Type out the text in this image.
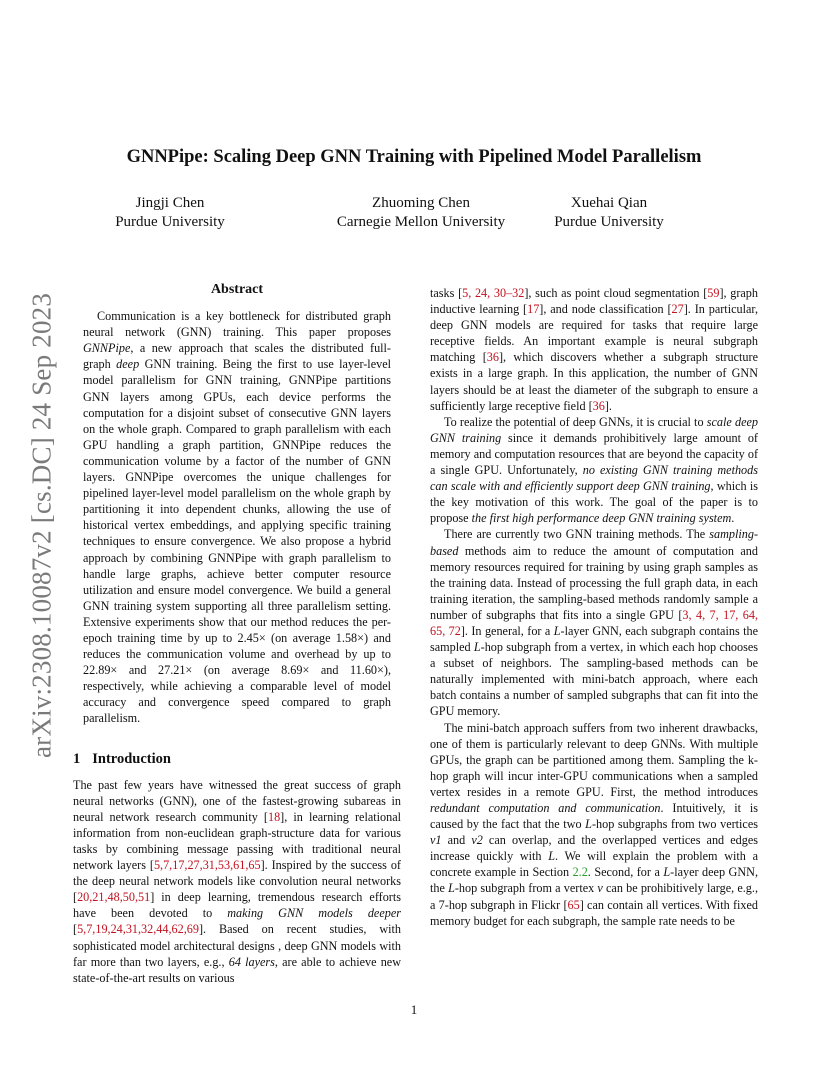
arXiv:2308.10087v2 [cs.DC] 24 Sep 2023
GNNPipe: Scaling Deep GNN Training with Pipelined Model Parallelism
Jingji Chen
Purdue University
Zhuoming Chen
Carnegie Mellon University
Xuehai Qian
Purdue University
Abstract

Communication is a key bottleneck for distributed graph neural network (GNN) training. This paper proposes GNNPipe, a new approach that scales the distributed full-graph deep GNN training. Being the first to use layer-level model parallelism for GNN training, GNNPipe partitions GNN layers among GPUs, each device performs the computation for a disjoint subset of consecutive GNN layers on the whole graph. Compared to graph parallelism with each GPU handling a graph partition, GNNPipe reduces the communication volume by a factor of the number of GNN layers. GNNPipe overcomes the unique challenges for pipelined layer-level model parallelism on the whole graph by partitioning it into dependent chunks, allowing the use of historical vertex embeddings, and applying specific training techniques to ensure convergence. We also propose a hybrid approach by combining GNNPipe with graph parallelism to handle large graphs, achieve better computer resource utilization and ensure model convergence. We build a general GNN training system supporting all three parallelism setting. Extensive experiments show that our method reduces the per-epoch training time by up to 2.45× (on average 1.58×) and reduces the communication volume and overhead by up to 22.89× and 27.21× (on average 8.69× and 11.60×), respectively, while achieving a comparable level of model accuracy and convergence speed compared to graph parallelism.

1 Introduction

The past few years have witnessed the great success of graph neural networks (GNN), one of the fastest-growing subareas in neural network research community [18], in learning relational information from non-euclidean graph-structure data for various tasks by combining message passing with traditional neural network layers [5,7,17,27,31,53,61,65]. Inspired by the success of the deep neural network models like convolution neural networks [20,21,48,50,51] in deep learning, tremendous research efforts have been devoted to making GNN models deeper [5,7,19,24,31,32,44,62,69]. Based on recent studies, with sophisticated model architectural designs , deep GNN models with far more than two layers, e.g., 64 layers, are able to achieve new state-of-the-art results on various

tasks [5, 24, 30–32], such as point cloud segmentation [59], graph inductive learning [17], and node classification [27]. In particular, deep GNN models are required for tasks that require large receptive fields. An important example is neural subgraph matching [36], which discovers whether a subgraph structure exists in a large graph. In this application, the number of GNN layers should be at least the diameter of the subgraph to ensure a sufficiently large receptive field [36].

To realize the potential of deep GNNs, it is crucial to scale deep GNN training since it demands prohibitively large amount of memory and computation resources that are beyond the capacity of a single GPU. Unfortunately, no existing GNN training methods can scale with and efficiently support deep GNN training, which is the key motivation of this work. The goal of the paper is to propose the first high performance deep GNN training system.

There are currently two GNN training methods. The sampling-based methods aim to reduce the amount of computation and memory resources required for training by using graph samples as the training data. Instead of processing the full graph data, in each training iteration, the sampling-based methods randomly sample a number of subgraphs that fits into a single GPU [3, 4, 7, 17, 64, 65, 72]. In general, for a L-layer GNN, each subgraph contains the sampled L-hop subgraph from a vertex, in which each hop chooses a subset of neighbors. The sampling-based methods can be naturally implemented with mini-batch approach, where each batch contains a number of sampled subgraphs that can fit into the GPU memory.

The mini-batch approach suffers from two inherent drawbacks, one of them is particularly relevant to deep GNNs. With multiple GPUs, the graph can be partitioned among them. Sampling the k-hop graph will incur inter-GPU communications when a sampled vertex resides in a remote GPU. First, the method introduces redundant computation and communication. Intuitively, it is caused by the fact that the two L-hop subgraphs from two vertices v1 and v2 can overlap, and the overlapped vertices and edges increase quickly with L. We will explain the problem with a concrete example in Section 2.2. Second, for a L-layer deep GNN, the L-hop subgraph from a vertex v can be prohibitively large, e.g., a 7-hop subgraph in Flickr [65] can contain all vertices. With fixed memory budget for each subgraph, the sample rate needs to be

1
